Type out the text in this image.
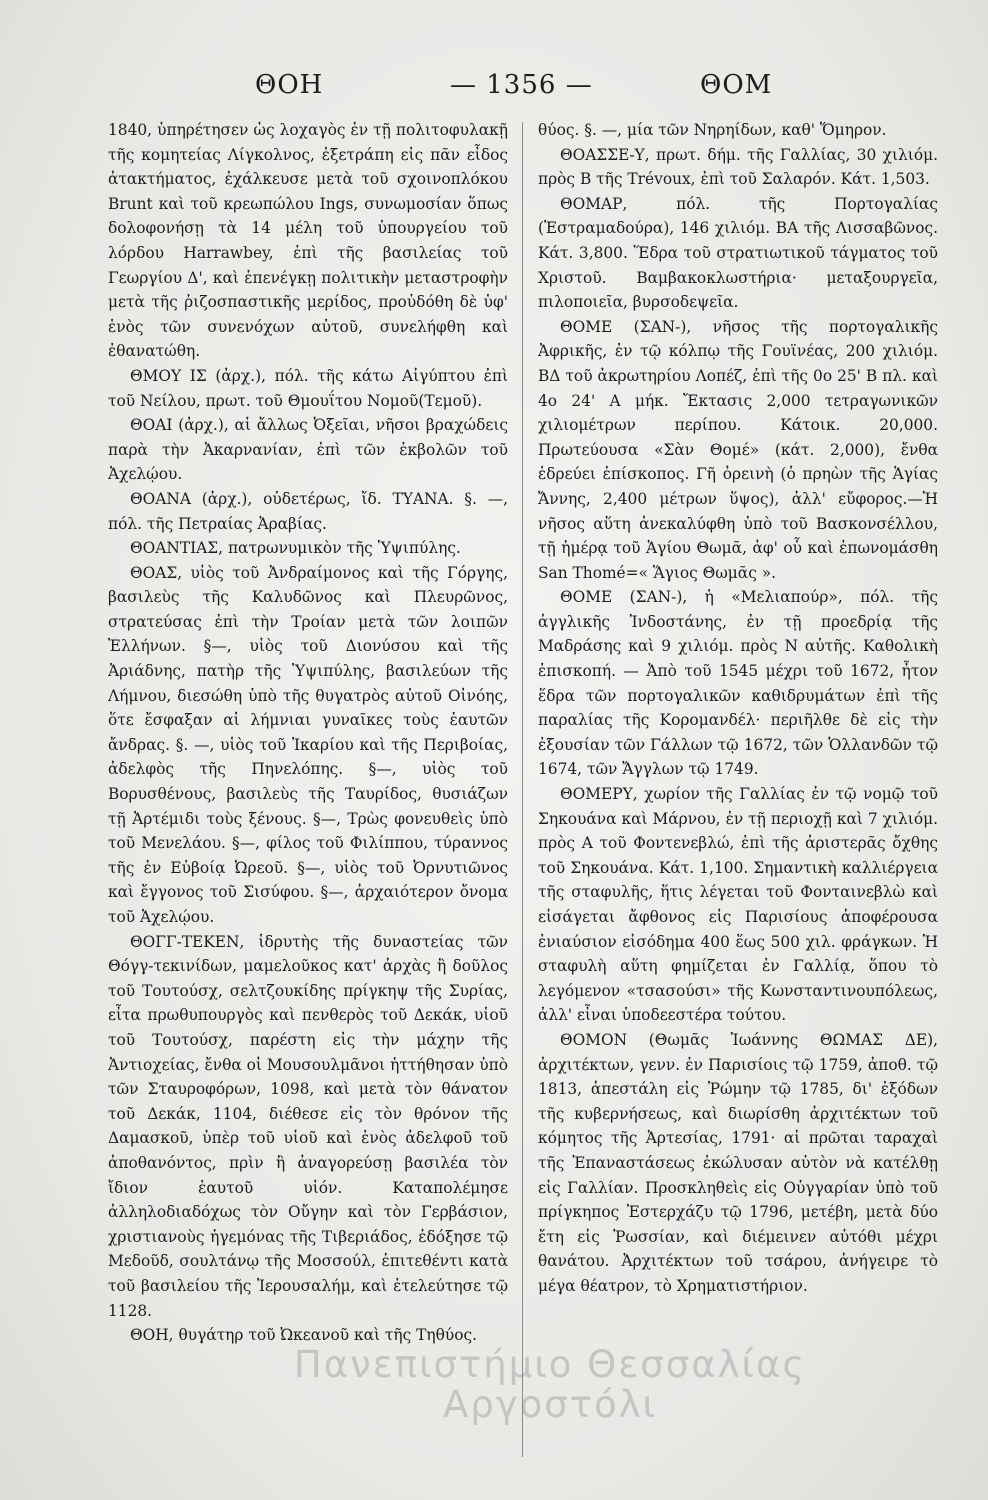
ΘΟΗ	— 1356 —	ΘΟΜ

1840, ὑπηρέτησεν ὡς λοχαγὸς ἐν τῇ πολιτοφυλακῇ τῆς κομητείας Λίγκολνος, ἐξετράπη εἰς πᾶν εἶδος ἀτακτήματος, ἐχάλκευσε μετὰ τοῦ σχοινοπλόκου Brunt καὶ τοῦ κρεωπώλου Ings, συνωμοσίαν ὅπως δολοφονήσῃ τὰ 14 μέλη τοῦ ὑπουργείου τοῦ λόρδου Harrawbey, ἐπὶ τῆς βασιλείας τοῦ Γεωργίου Δ', καὶ ἐπενέγκῃ πολιτικὴν μεταστροφὴν μετὰ τῆς ῥιζοσπαστικῆς μερίδος, προὐδόθη δὲ ὑφ' ἑνὸς τῶν συνενόχων αὐτοῦ, συνελήφθη καὶ ἐθανατώθη.

ΘΜΟΥ ΙΣ (ἀρχ.), πόλ. τῆς κάτω Αἰγύπτου ἐπὶ τοῦ Νείλου, πρωτ. τοῦ Θμουΐτου Νομοῦ(Τεμοῦ).

ΘΟΑΙ (ἀρχ.), αἱ ἄλλως Ὀξεῖαι, νῆσοι βραχώδεις παρὰ τὴν Ἀκαρνανίαν, ἐπὶ τῶν ἐκβολῶν τοῦ Ἀχελῴου.

ΘΟΑΝΑ (ἀρχ.), οὐδετέρως, ἴδ. ΤΥΑΝΑ. §. —, πόλ. τῆς Πετραίας Ἀραβίας.

ΘΟΑΝΤΙΑΣ, πατρωνυμικὸν τῆς Ὑψιπύλης.

ΘΟΑΣ, υἱὸς τοῦ Ἀνδραίμονος καὶ τῆς Γόργης, βασιλεὺς τῆς Καλυδῶνος καὶ Πλευρῶνος, στρατεύσας ἐπὶ τὴν Τροίαν μετὰ τῶν λοιπῶν Ἑλλήνων. §—, υἱὸς τοῦ Διονύσου καὶ τῆς Ἀριάδνης, πατὴρ τῆς Ὑψιπύλης, βασιλεύων τῆς Λήμνου, διεσώθη ὑπὸ τῆς θυγατρὸς αὐτοῦ Οἰνόης, ὅτε ἔσφαξαν αἱ λήμνιαι γυναῖκες τοὺς ἑαυτῶν ἄνδρας. §. —, υἱὸς τοῦ Ἰκαρίου καὶ τῆς Περιβοίας, ἀδελφὸς τῆς Πηνελόπης. §—, υἱὸς τοῦ Βορυσθένους, βασιλεὺς τῆς Ταυρίδος, θυσιάζων τῇ Ἀρτέμιδι τοὺς ξένους. §—, Τρὼς φονευθεὶς ὑπὸ τοῦ Μενελάου. §—, φίλος τοῦ Φιλίππου, τύραννος τῆς ἐν Εὐβοίᾳ Ὠρεοῦ. §—, υἱὸς τοῦ Ὀρνυτιῶνος καὶ ἔγγονος τοῦ Σισύφου. §—, ἀρχαιότερον ὄνομα τοῦ Ἀχελῴου.

ΘΟΓΓ-ΤΕΚΕΝ, ἱδρυτὴς τῆς δυναστείας τῶν Θόγγ-τεκινίδων, μαμελοῦκος κατ' ἀρχὰς ἢ δοῦλος τοῦ Τουτούσχ, σελτζουκίδης πρίγκηψ τῆς Συρίας, εἶτα πρωθυπουργὸς καὶ πενθερὸς τοῦ Δεκάκ, υἱοῦ τοῦ Τουτούσχ, παρέστη εἰς τὴν μάχην τῆς Ἀντιοχείας, ἔνθα οἱ Μουσουλμᾶνοι ἡττήθησαν ὑπὸ τῶν Σταυροφόρων, 1098, καὶ μετὰ τὸν θάνατον τοῦ Δεκάκ, 1104, διέθεσε εἰς τὸν θρόνον τῆς Δαμασκοῦ, ὑπὲρ τοῦ υἱοῦ καὶ ἑνὸς ἀδελφοῦ τοῦ ἀποθανόντος, πρὶν ἢ ἀναγορεύσῃ βασιλέα τὸν ἴδιον ἑαυτοῦ υἱόν. Καταπολέμησε ἀλληλοδιαδόχως τὸν Οὔγην καὶ τὸν Γερβάσιον, χριστιανοὺς ἡγεμόνας τῆς Τιβεριάδος, ἐδόξησε τῷ Μεδοῦδ, σουλτάνῳ τῆς Μοσσούλ, ἐπιτεθέντι κατὰ τοῦ βασιλείου τῆς Ἱερουσαλήμ, καὶ ἐτελεύτησε τῷ 1128.

ΘΟΗ, θυγάτηρ τοῦ Ὠκεανοῦ καὶ τῆς Τηθύος.

θύος. §. —, μία τῶν Νηρηίδων, καθ' Ὅμηρον.

ΘΟΑΣΣΕ-Υ, πρωτ. δήμ. τῆς Γαλλίας, 30 χιλιόμ. πρὸς Β τῆς Trévoux, ἐπὶ τοῦ Σαλαρόν. Κάτ. 1,503.

ΘΟΜΑΡ, πόλ. τῆς Πορτογαλίας (Ἐστραμαδούρα), 146 χιλιόμ. ΒΑ τῆς Λισσαβῶνος. Κάτ. 3,800. Ἕδρα τοῦ στρατιωτικοῦ τάγματος τοῦ Χριστοῦ. Βαμβακοκλωστήρια· μεταξουργεῖα, πιλοποιεῖα, βυρσοδεψεῖα.

ΘΟΜΕ (ΣΑΝ-), νῆσος τῆς πορτογαλικῆς Ἀφρικῆς, ἐν τῷ κόλπῳ τῆς Γουϊνέας, 200 χιλιόμ. ΒΔ τοῦ ἀκρωτηρίου Λοπέζ, ἐπὶ τῆς 0ο 25' Β πλ. καὶ 4ο 24' Α μήκ. Ἔκτασις 2,000 τετραγωνικῶν χιλιομέτρων περίπου. Κάτοικ. 20,000. Πρωτεύουσα «Σὰν Θομέ» (κάτ. 2,000), ἔνθα ἑδρεύει ἐπίσκοπος. Γῆ ὀρεινὴ (ὁ πρηὼν τῆς Ἁγίας Ἄννης, 2,400 μέτρων ὕψος), ἀλλ' εὔφορος.—Ἡ νῆσος αὕτη ἀνεκαλύφθη ὑπὸ τοῦ Βασκονσέλλου, τῇ ἡμέρᾳ τοῦ Ἁγίου Θωμᾶ, ἀφ' οὗ καὶ ἐπωνομάσθη San Thomé=« Ἅγιος Θωμᾶς ».

ΘΟΜΕ (ΣΑΝ-), ἡ «Μελιαπούρ», πόλ. τῆς ἀγγλικῆς Ἰνδοστάνης, ἐν τῇ προεδρίᾳ τῆς Μαδράσης καὶ 9 χιλιόμ. πρὸς Ν αὐτῆς. Καθολικὴ ἐπισκοπή. — Ἀπὸ τοῦ 1545 μέχρι τοῦ 1672, ἦτον ἕδρα τῶν πορτογαλικῶν καθιδρυμάτων ἐπὶ τῆς παραλίας τῆς Κορομανδέλ· περιῆλθε δὲ εἰς τὴν ἐξουσίαν τῶν Γάλλων τῷ 1672, τῶν Ὁλλανδῶν τῷ 1674, τῶν Ἄγγλων τῷ 1749.

ΘΟΜΕΡΥ, χωρίον τῆς Γαλλίας ἐν τῷ νομῷ τοῦ Σηκουάνα καὶ Μάρνου, ἐν τῇ περιοχῇ καὶ 7 χιλιόμ. πρὸς Α τοῦ Φοντενεβλώ, ἐπὶ τῆς ἀριστερᾶς ὄχθης τοῦ Σηκουάνα. Κάτ. 1,100. Σημαντικὴ καλλιέργεια τῆς σταφυλῆς, ἥτις λέγεται τοῦ Φονταινεβλὼ καὶ εἰσάγεται ἄφθονος εἰς Παρισίους ἀποφέρουσα ἐνιαύσιον εἰσόδημα 400 ἕως 500 χιλ. φράγκων. Ἡ σταφυλὴ αὕτη φημίζεται ἐν Γαλλίᾳ, ὅπου τὸ λεγόμενον «τσασούσι» τῆς Κωνσταντινουπόλεως, ἀλλ' εἶναι ὑποδεεστέρα τούτου.

ΘΟΜΟΝ (Θωμᾶς Ἰωάννης ΘΩΜΑΣ ΔΕ), ἀρχιτέκτων, γενν. ἐν Παρισίοις τῷ 1759, ἀποθ. τῷ 1813, ἀπεστάλη εἰς Ῥώμην τῷ 1785, δι' ἐξόδων τῆς κυβερνήσεως, καὶ διωρίσθη ἀρχιτέκτων τοῦ κόμητος τῆς Ἀρτεσίας, 1791· αἱ πρῶται ταραχαὶ τῆς Ἐπαναστάσεως ἐκώλυσαν αὐτὸν νὰ κατέλθῃ εἰς Γαλλίαν. Προσκληθεὶς εἰς Οὐγγαρίαν ὑπὸ τοῦ πρίγκηπος Ἐστερχάζυ τῷ 1796, μετέβη, μετὰ δύο ἔτη εἰς Ῥωσσίαν, καὶ διέμεινεν αὐτόθι μέχρι θανάτου. Ἀρχιτέκτων τοῦ τσάρου, ἀνήγειρε τὸ μέγα θέατρον, τὸ Χρηματιστήριον.

Πανεπιστήμιο Θεσσαλίας
Αργοστόλι
